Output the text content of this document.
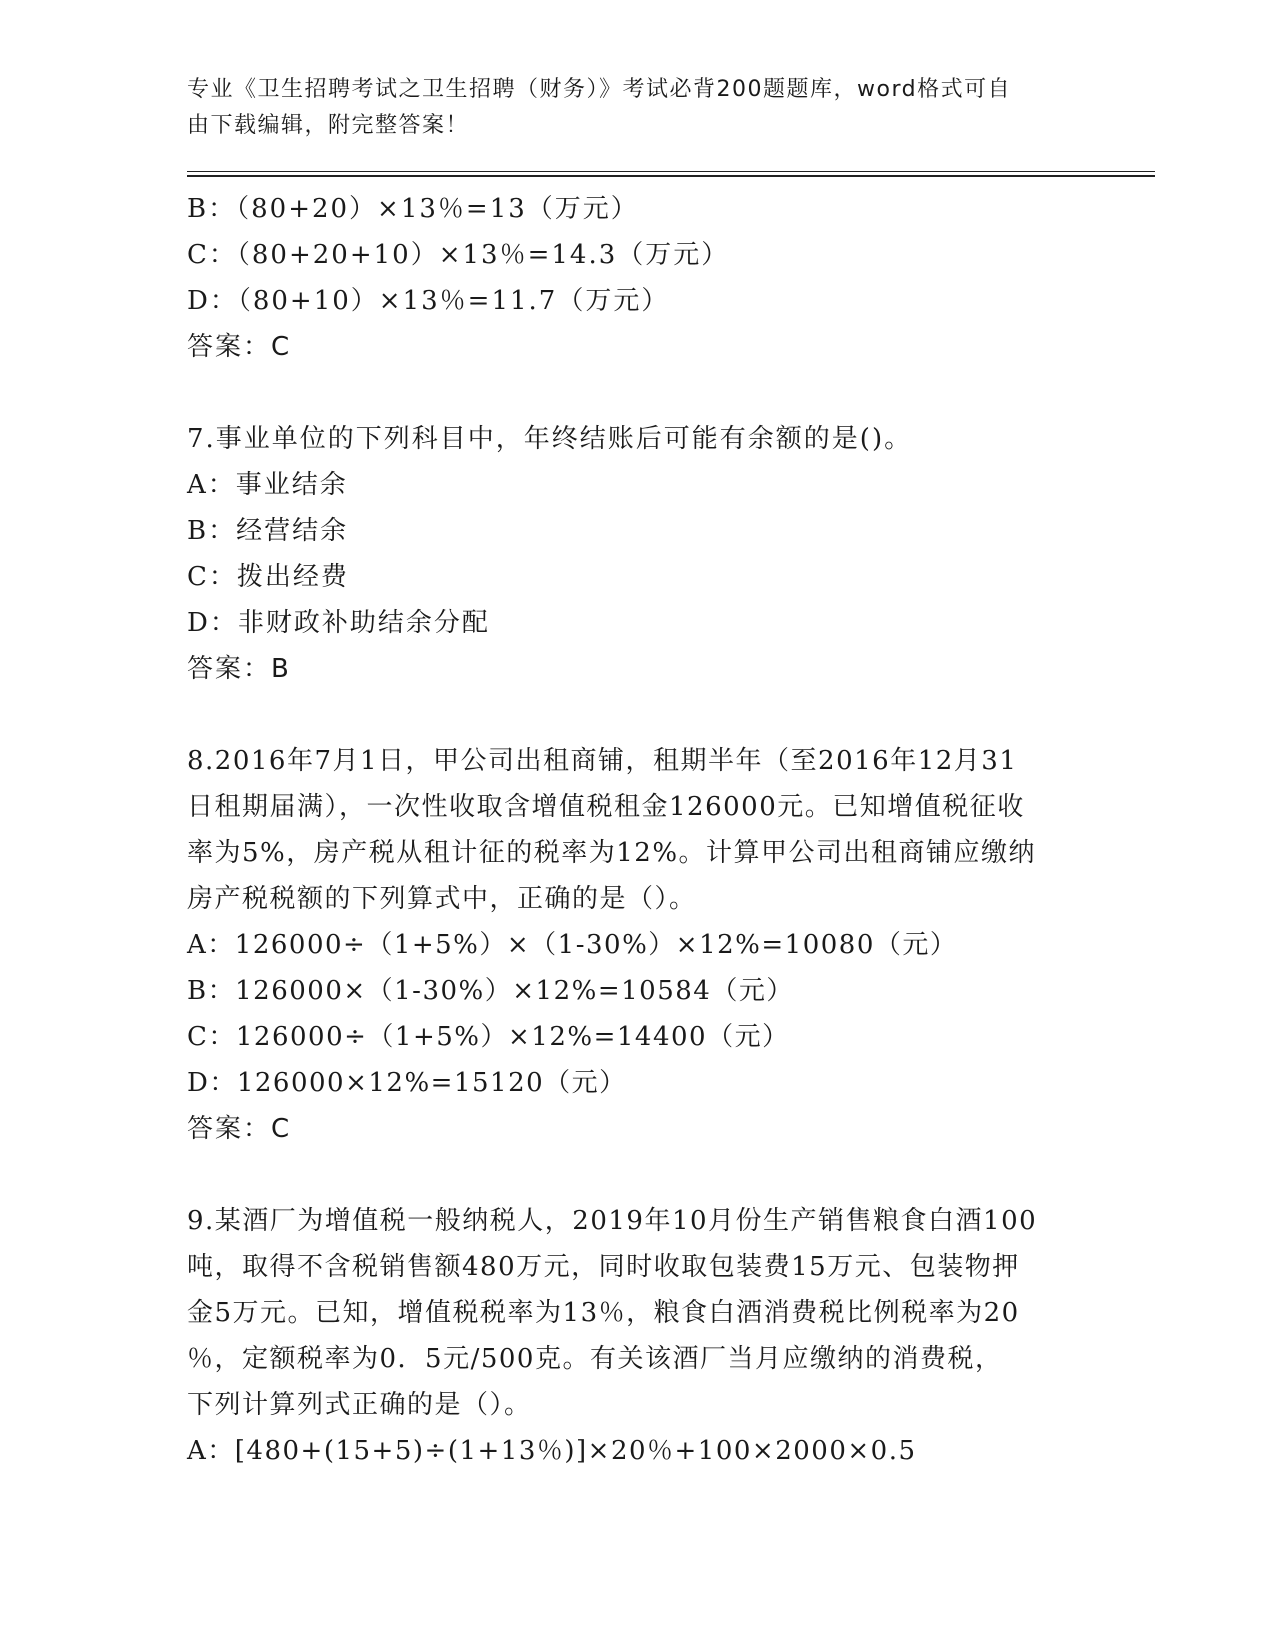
专业《卫生招聘考试之卫生招聘（财务）》考试必背200题题库，word格式可自
由下载编辑，附完整答案！
B：（80+20）×13％=13（万元）
C：（80+20+10）×13％=14.3（万元）
D：（80+10）×13％=11.7（万元）
答案：C
7.事业单位的下列科目中，年终结账后可能有余额的是()。
A：事业结余
B：经营结余
C：拨出经费
D：非财政补助结余分配
答案：B
8.2016年7月1日，甲公司出租商铺，租期半年（至2016年12月31
日租期届满），一次性收取含增值税租金126000元。已知增值税征收
率为5%，房产税从租计征的税率为12%。计算甲公司出租商铺应缴纳
房产税税额的下列算式中，正确的是（）。
A：126000÷（1+5%）×（1-30%）×12%=10080（元）
B：126000×（1-30%）×12%=10584（元）
C：126000÷（1+5%）×12%=14400（元）
D：126000×12%=15120（元）
答案：C
9.某酒厂为增值税一般纳税人，2019年10月份生产销售粮食白酒100
吨，取得不含税销售额480万元，同时收取包装费15万元、包装物押
金5万元。已知，增值税税率为13％，粮食白酒消费税比例税率为20
％，定额税率为0．5元/500克。有关该酒厂当月应缴纳的消费税，
下列计算列式正确的是（）。
A：[480+(15+5)÷(1+13％)]×20％+100×2000×0.5
